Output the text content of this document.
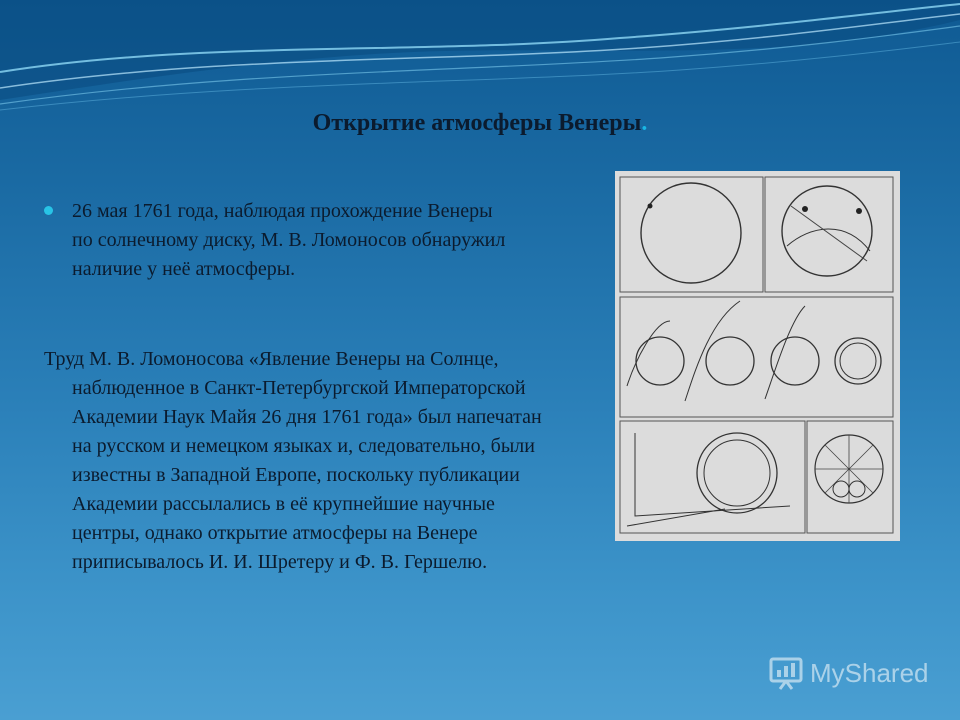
Открытие атмосферы Венеры.
26 мая 1761 года, наблюдая прохождение Венеры по солнечному диску, М. В. Ломоносов обнаружил наличие у неё атмосферы.
Труд М. В. Ломоносова «Явление Венеры на Солнце, наблюденное в Санкт-Петербургской Императорской Академии Наук Майя 26 дня 1761 года» был напечатан на русском и немецком языках и, следовательно, были известны в Западной Европе, поскольку публикации Академии рассылались в её крупнейшие научные центры, однако открытие атмосферы на Венере приписывалось И. И. Шретеру и Ф. В. Гершелю.
MyShared
